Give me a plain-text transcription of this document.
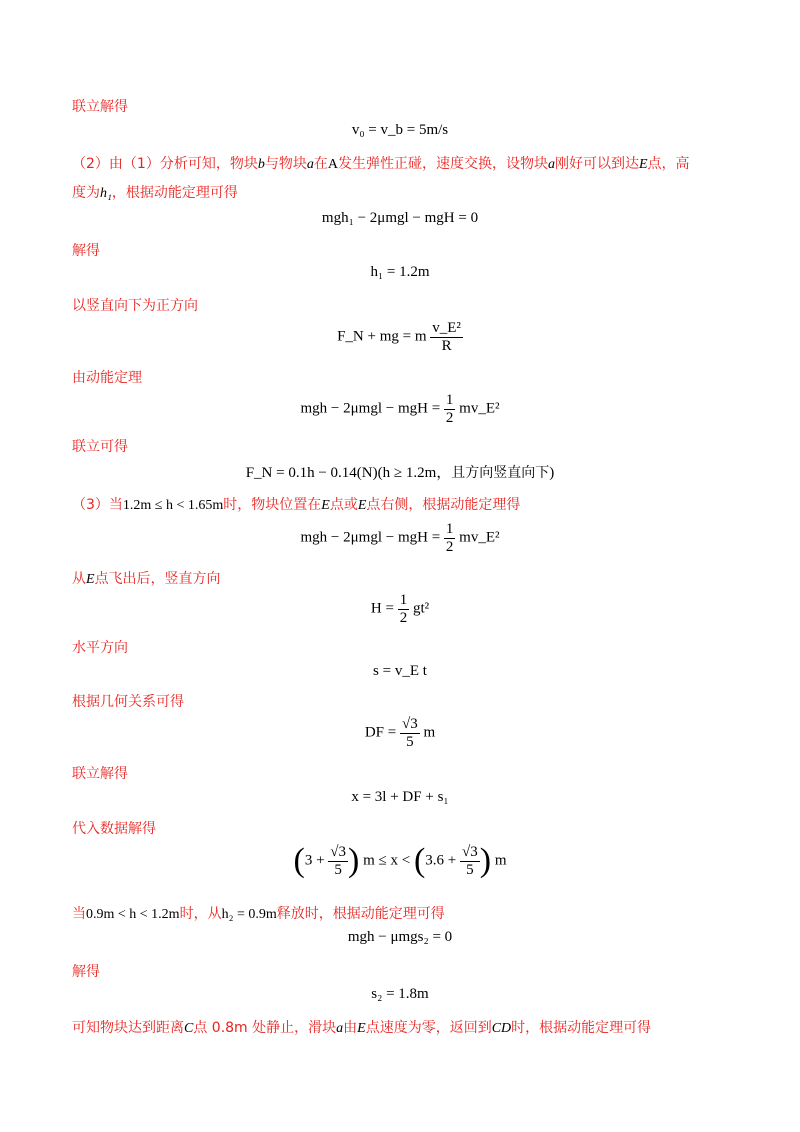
联立解得
v₀ = v_b = 5m/s
（2）由（1）分析可知，物块b与物块a在A发生弹性正碰，速度交换，设物块a刚好可以到达E点，高
度为h₁，根据动能定理可得
mgh₁ − 2μmgl − mgH = 0
解得
h₁ = 1.2m
以竖直向下为正方向
F_N + mg = m $\frac{\text{v\_E²}}{R}$
由动能定理
mgh − 2μmgl − mgH = $\frac{1}{2}$ mv_E²
联立可得
F_N = 0.1h − 0.14(N)(h ≥ 1.2m，且方向竖直向下)
（3）当1.2m ≤ h < 1.65m时，物块位置在E点或E点右侧，根据动能定理得
mgh − 2μmgl − mgH = $\frac{1}{2}$ mv_E²
从E点飞出后，竖直方向
$H = \frac{1}{2} gt^2$
水平方向
s = v_E t
根据几何关系可得
DF = $\frac{√3}{5}$ m
联立解得
x = 3l + DF + s₁
代入数据解得
($3 + \frac{√3}{5}$ ) $m \le x < (3.6 + \frac{√3}{5}$ ) m
当0.9m < h < 1.2m时，从h₂ = 0.9m释放时，根据动能定理可得
mgh − μmgs₂ = 0
解得
s₂ = 1.8m
可知物块达到距离C点 0.8m 处静止，滑块a由E点速度为零，返回到CD时，根据动能定理可得
